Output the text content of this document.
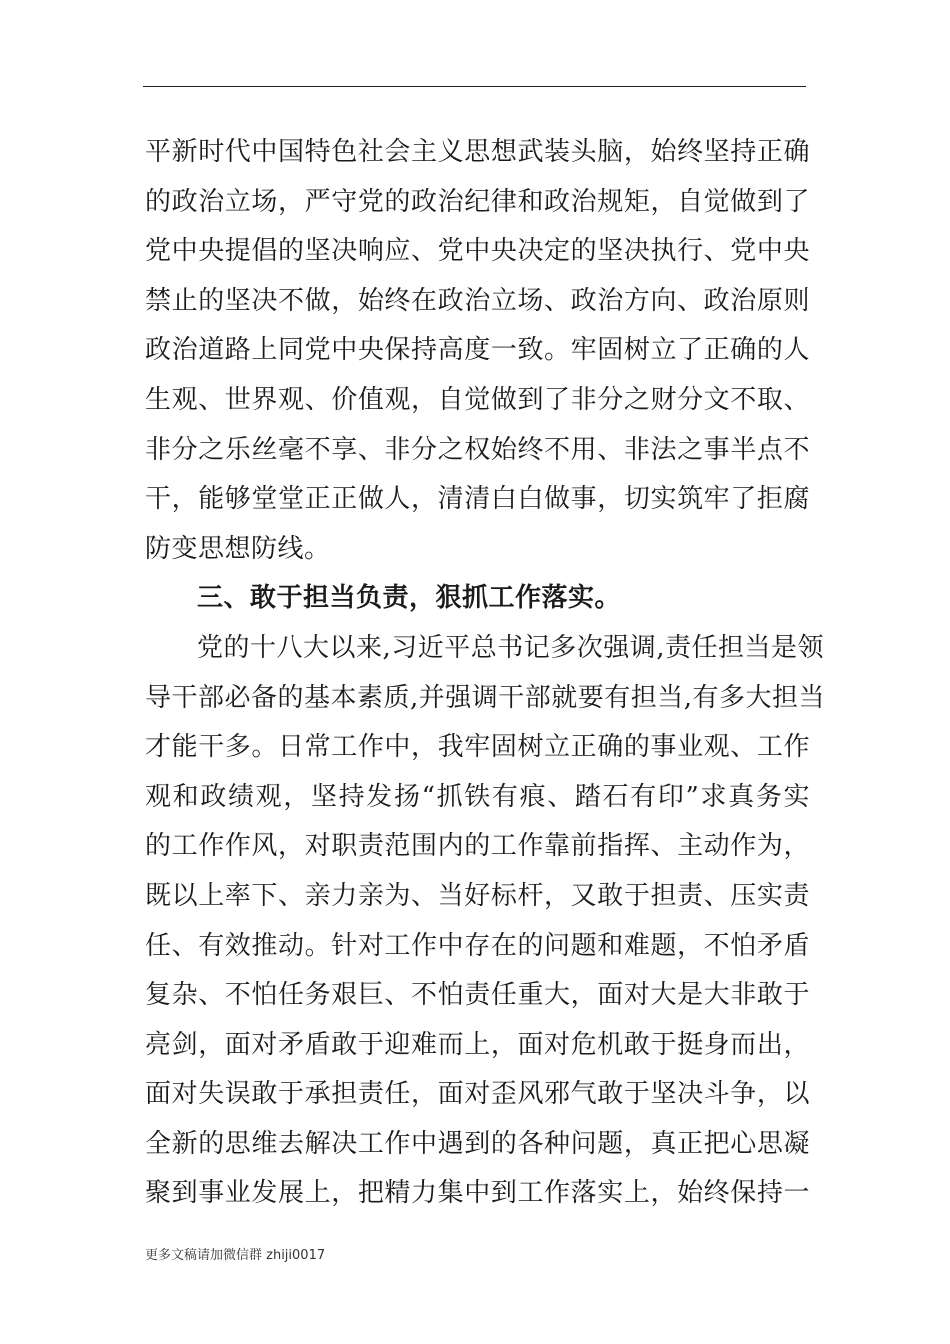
平新时代中国特色社会主义思想武装头脑，始终坚持正确
的政治立场，严守党的政治纪律和政治规矩，自觉做到了
党中央提倡的坚决响应、党中央决定的坚决执行、党中央
禁止的坚决不做，始终在政治立场、政治方向、政治原则
政治道路上同党中央保持高度一致。牢固树立了正确的人
生观、世界观、价值观，自觉做到了非分之财分文不取、
非分之乐丝毫不享、非分之权始终不用、非法之事半点不
干，能够堂堂正正做人，清清白白做事，切实筑牢了拒腐
防变思想防线。
三、敢于担当负责，狠抓工作落实。
党的十八大以来,习近平总书记多次强调,责任担当是领
导干部必备的基本素质,并强调干部就要有担当,有多大担当
才能干多。日常工作中，我牢固树立正确的事业观、工作
观和政绩观，坚持发扬“抓铁有痕、踏石有印”求真务实
的工作作风，对职责范围内的工作靠前指挥、主动作为，
既以上率下、亲力亲为、当好标杆，又敢于担责、压实责
任、有效推动。针对工作中存在的问题和难题，不怕矛盾
复杂、不怕任务艰巨、不怕责任重大，面对大是大非敢于
亮剑，面对矛盾敢于迎难而上，面对危机敢于挺身而出，
面对失误敢于承担责任，面对歪风邪气敢于坚决斗争，以
全新的思维去解决工作中遇到的各种问题，真正把心思凝
聚到事业发展上，把精力集中到工作落实上，始终保持一
更多文稿请加微信群 zhiji0017
